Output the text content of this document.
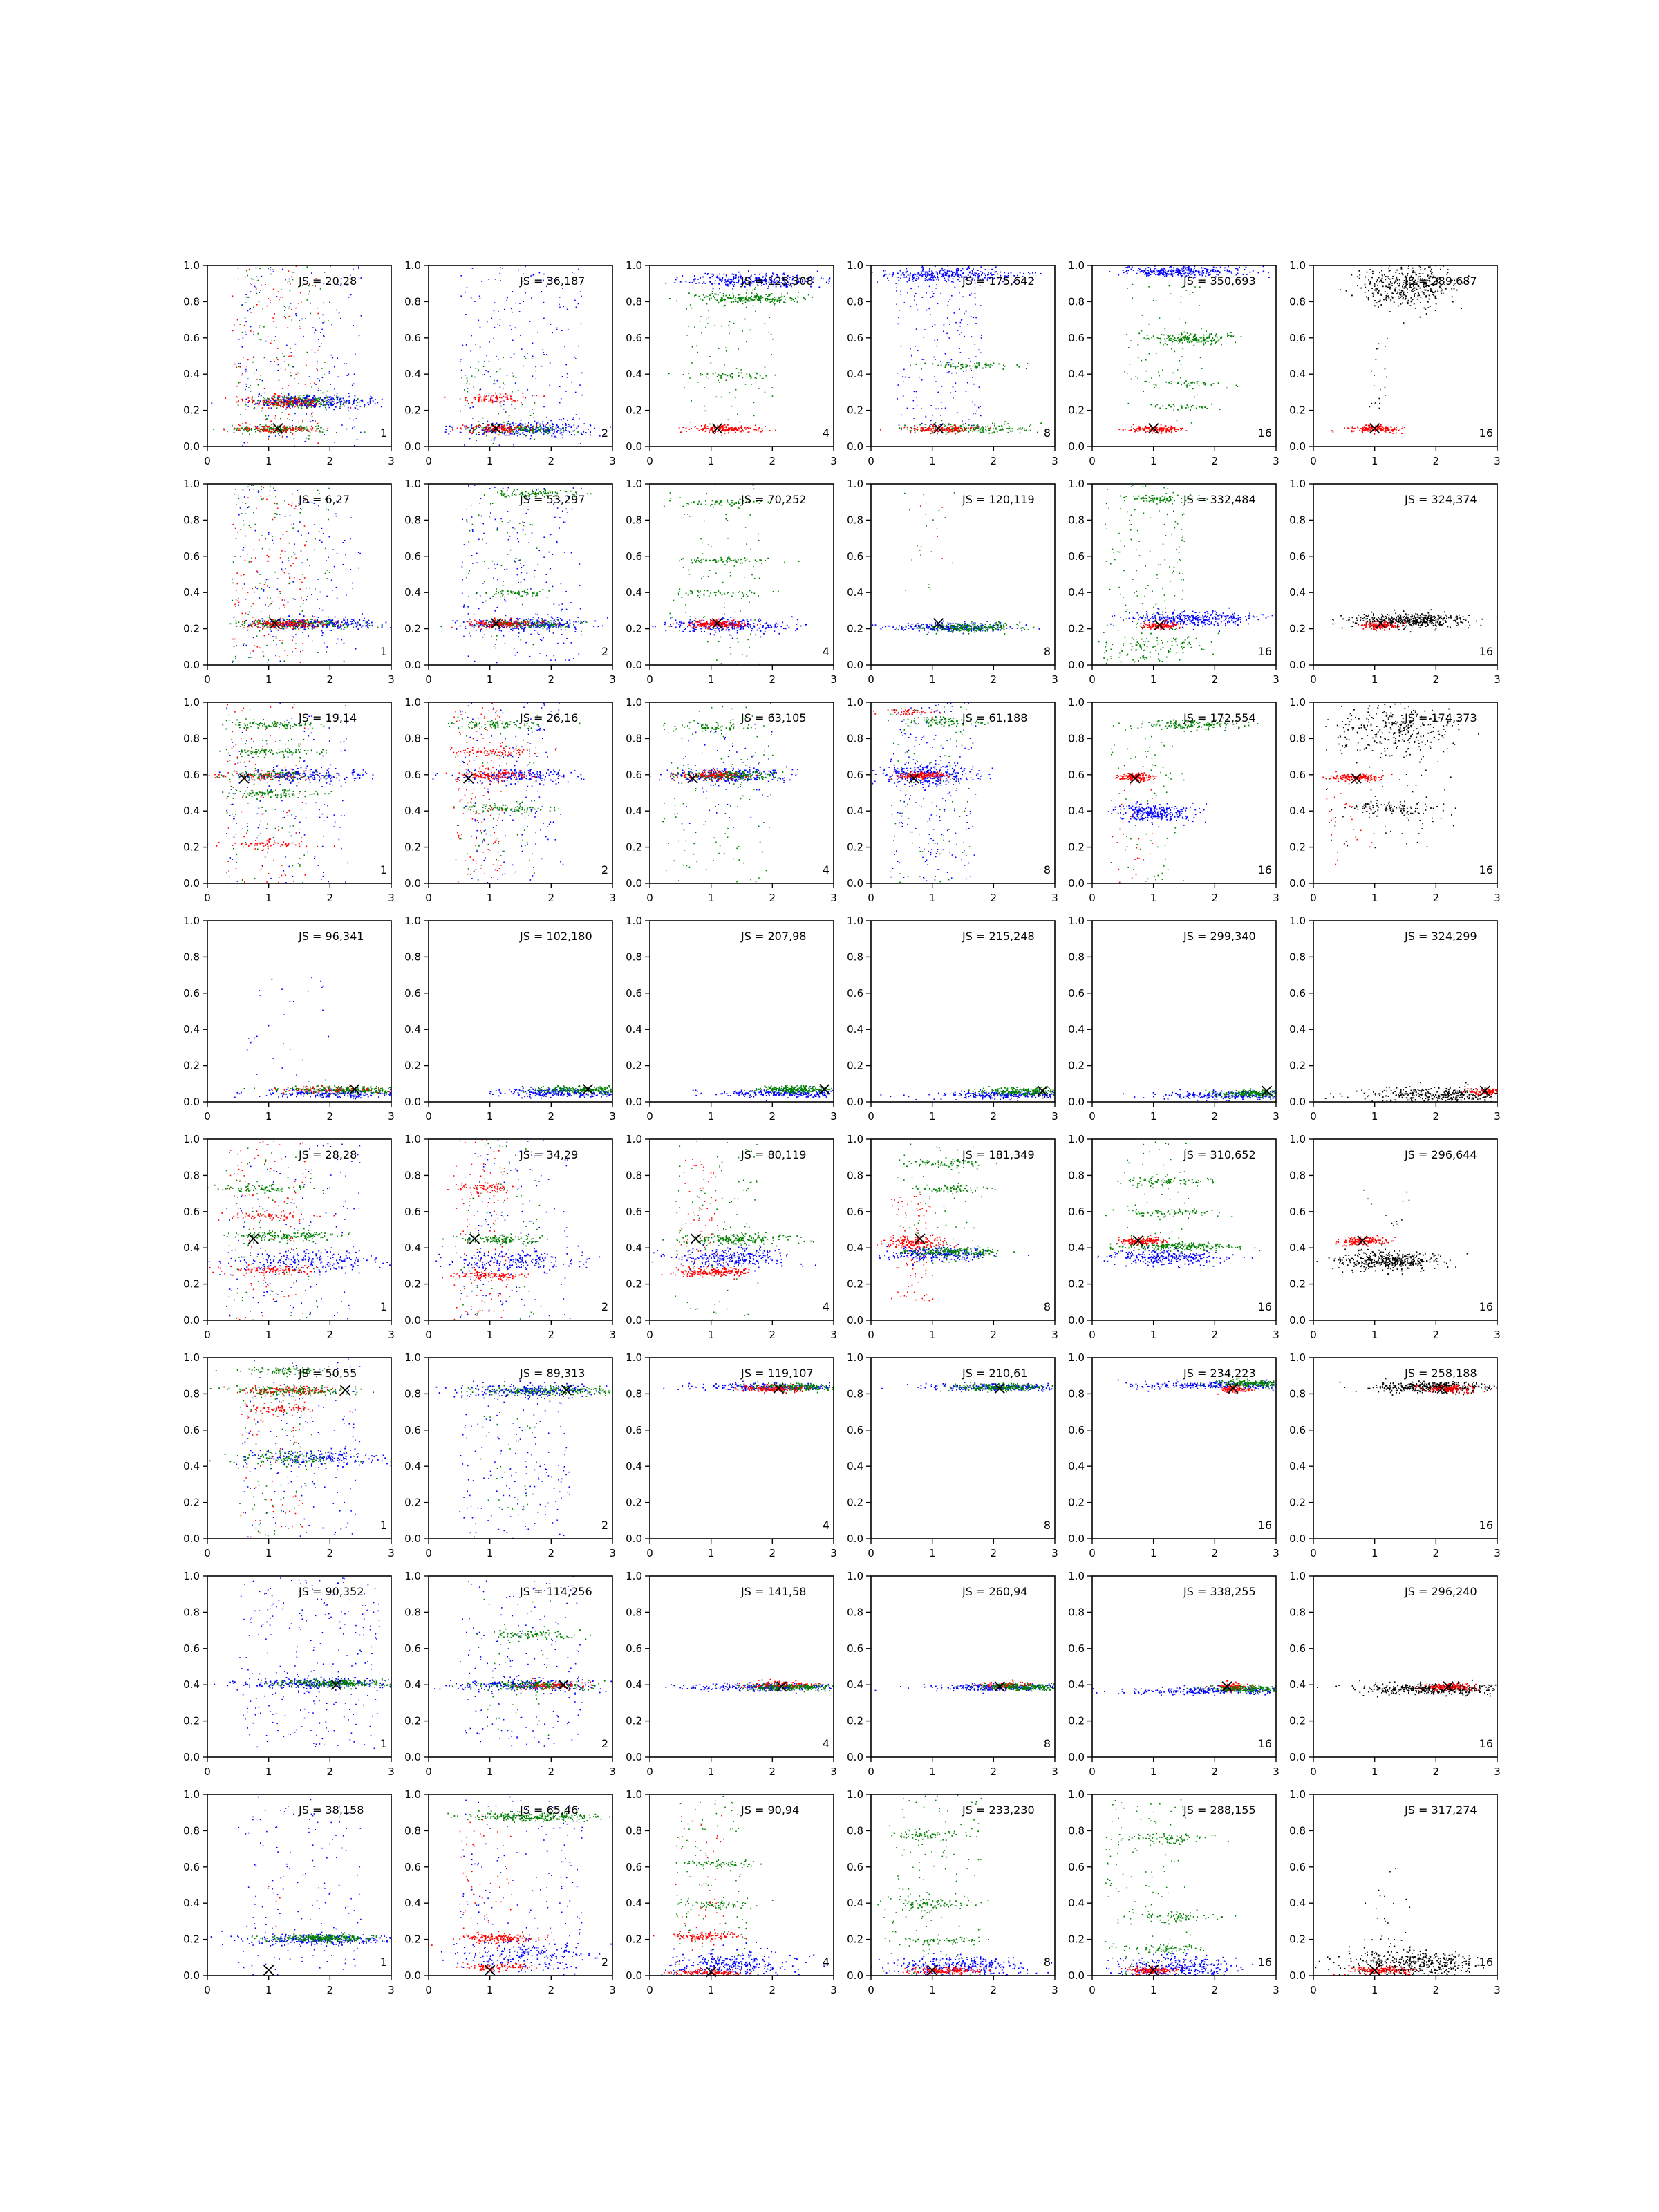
0	1	2	3
0.0
0.2
0.4
0.6
0.8
1.0
JS = 20,28
1
0	1	2	3
0.0
0.2
0.4
0.6
0.8
1.0
JS = 36,187
2
0	1	2	3
0.0
0.2
0.4
0.6
0.8
1.0
JS = 125,308
4
0	1	2	3
0.0
0.2
0.4
0.6
0.8
1.0
JS = 175,642
8
0	1	2	3
0.0
0.2
0.4
0.6
0.8
1.0
JS = 350,693
16
0	1	2	3
0.0
0.2
0.4
0.6
0.8
1.0
JS = 289,687
16
0	1	2	3
0.0
0.2
0.4
0.6
0.8
1.0
JS = 6,27
1
0	1	2	3
0.0
0.2
0.4
0.6
0.8
1.0
JS = 53,297
2
0	1	2	3
0.0
0.2
0.4
0.6
0.8
1.0
JS = 70,252
4
0	1	2	3
0.0
0.2
0.4
0.6
0.8
1.0
JS = 120,119
8
0	1	2	3
0.0
0.2
0.4
0.6
0.8
1.0
JS = 332,484
16
0	1	2	3
0.0
0.2
0.4
0.6
0.8
1.0
JS = 324,374
16
0	1	2	3
0.0
0.2
0.4
0.6
0.8
1.0
JS = 19,14
1
0	1	2	3
0.0
0.2
0.4
0.6
0.8
1.0
JS = 26,16
2
0	1	2	3
0.0
0.2
0.4
0.6
0.8
1.0
JS = 63,105
4
0	1	2	3
0.0
0.2
0.4
0.6
0.8
1.0
JS = 61,188
8
0	1	2	3
0.0
0.2
0.4
0.6
0.8
1.0
JS = 172,554
16
0	1	2	3
0.0
0.2
0.4
0.6
0.8
1.0
JS = 174,373
16
0	1	2	3
0.0
0.2
0.4
0.6
0.8
1.0
JS = 96,341
0	1	2	3
0.0
0.2
0.4
0.6
0.8
1.0
JS = 102,180
0	1	2	3
0.0
0.2
0.4
0.6
0.8
1.0
JS = 207,98
0	1	2	3
0.0
0.2
0.4
0.6
0.8
1.0
JS = 215,248
0	1	2	3
0.0
0.2
0.4
0.6
0.8
1.0
JS = 299,340
0	1	2	3
0.0
0.2
0.4
0.6
0.8
1.0
JS = 324,299
0	1	2	3
0.0
0.2
0.4
0.6
0.8
1.0
JS = 28,28
1
0	1	2	3
0.0
0.2
0.4
0.6
0.8
1.0
JS = 34,29
2
0	1	2	3
0.0
0.2
0.4
0.6
0.8
1.0
JS = 80,119
4
0	1	2	3
0.0
0.2
0.4
0.6
0.8
1.0
JS = 181,349
8
0	1	2	3
0.0
0.2
0.4
0.6
0.8
1.0
JS = 310,652
16
0	1	2	3
0.0
0.2
0.4
0.6
0.8
1.0
JS = 296,644
16
0	1	2	3
0.0
0.2
0.4
0.6
0.8
1.0
JS = 50,55
1
0	1	2	3
0.0
0.2
0.4
0.6
0.8
1.0
JS = 89,313
2
0	1	2	3
0.0
0.2
0.4
0.6
0.8
1.0
JS = 119,107
4
0	1	2	3
0.0
0.2
0.4
0.6
0.8
1.0
JS = 210,61
8
0	1	2	3
0.0
0.2
0.4
0.6
0.8
1.0
JS = 234,223
16
0	1	2	3
0.0
0.2
0.4
0.6
0.8
1.0
JS = 258,188
16
0	1	2	3
0.0
0.2
0.4
0.6
0.8
1.0
JS = 90,352
1
0	1	2	3
0.0
0.2
0.4
0.6
0.8
1.0
JS = 114,256
2
0	1	2	3
0.0
0.2
0.4
0.6
0.8
1.0
JS = 141,58
4
0	1	2	3
0.0
0.2
0.4
0.6
0.8
1.0
JS = 260,94
8
0	1	2	3
0.0
0.2
0.4
0.6
0.8
1.0
JS = 338,255
16
0	1	2	3
0.0
0.2
0.4
0.6
0.8
1.0
JS = 296,240
16
0	1	2	3
0.0
0.2
0.4
0.6
0.8
1.0
JS = 38,158
1
0	1	2	3
0.0
0.2
0.4
0.6
0.8
1.0
JS = 65,46
2
0	1	2	3
0.0
0.2
0.4
0.6
0.8
1.0
JS = 90,94
4
0	1	2	3
0.0
0.2
0.4
0.6
0.8
1.0
JS = 233,230
8
0	1	2	3
0.0
0.2
0.4
0.6
0.8
1.0
JS = 288,155
16
0	1	2	3
0.0
0.2
0.4
0.6
0.8
1.0
JS = 317,274
16
